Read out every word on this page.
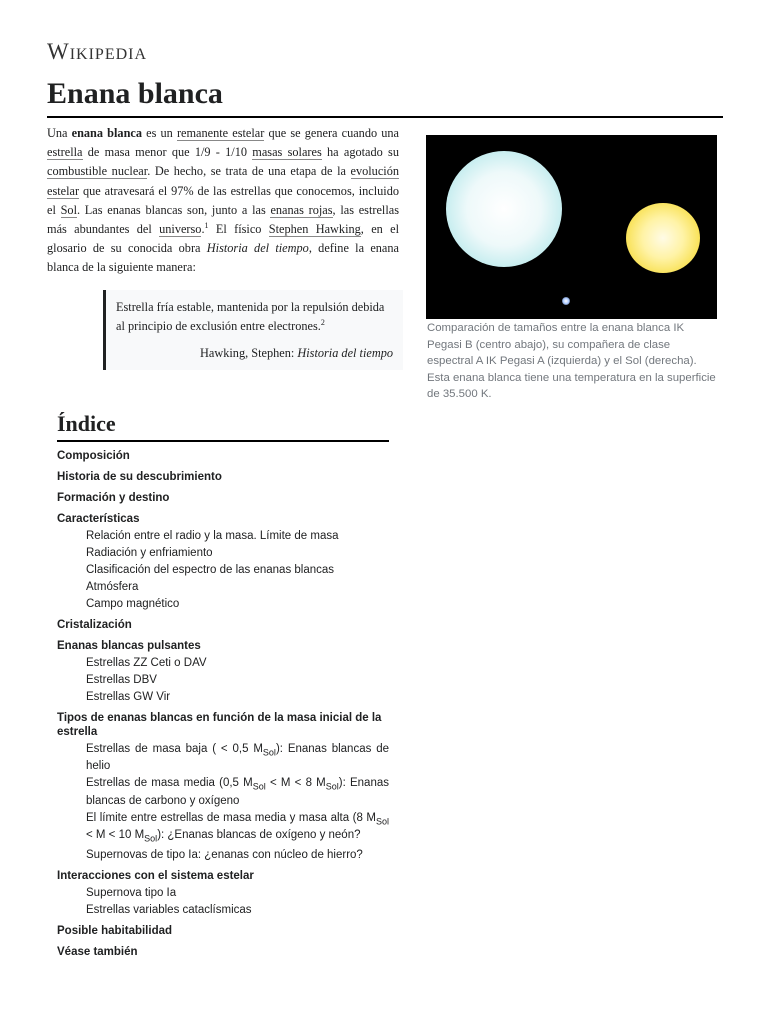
Wikipedia
Enana blanca

Una enana blanca es un remanente estelar que se genera cuando una estrella de masa menor que 1/9 - 1/10 masas solares ha agotado su combustible nuclear. De hecho, se trata de una etapa de la evolución estelar que atravesará el 97% de las estrellas que conocemos, incluido el Sol. Las enanas blancas son, junto a las enanas rojas, las estrellas más abundantes del universo.$^1$ El físico Stephen Hawking, en el glosario de su conocida obra Historia del tiempo, define la enana blanca de la siguiente manera:

Estrella fría estable, mantenida por la repulsión debida al principio de exclusión entre electrones.$^2$
Hawking, Stephen: Historia del tiempo

Comparación de tamaños entre la enana blanca IK Pegasi B (centro abajo), su compañera de clase espectral A IK Pegasi A (izquierda) y el Sol (derecha). Esta enana blanca tiene una temperatura en la superficie de 35.500 K.

Índice
Composición
Historia de su descubrimiento
Formación y destino
Características
Relación entre el radio y la masa. Límite de masa
Radiación y enfriamiento
Clasificación del espectro de las enanas blancas
Atmósfera
Campo magnético
Cristalización
Enanas blancas pulsantes
Estrellas ZZ Ceti o DAV
Estrellas DBV
Estrellas GW Vir
Tipos de enanas blancas en función de la masa inicial de la estrella
Estrellas de masa baja ( < 0,5 $M_{Sol}$): Enanas blancas de helio
Estrellas de masa media (0,5 $M_{Sol} < M < 8$ $M_{Sol}$): Enanas blancas de carbono y oxígeno
El límite entre estrellas de masa media y masa alta (8 $M_{Sol} < M < 10$ $M_{Sol}$): ¿Enanas blancas de oxígeno y neón?
Supernovas de tipo Ia: ¿enanas con núcleo de hierro?
Interacciones con el sistema estelar
Supernova tipo Ia
Estrellas variables cataclísmicas
Posible habitabilidad
Véase también
